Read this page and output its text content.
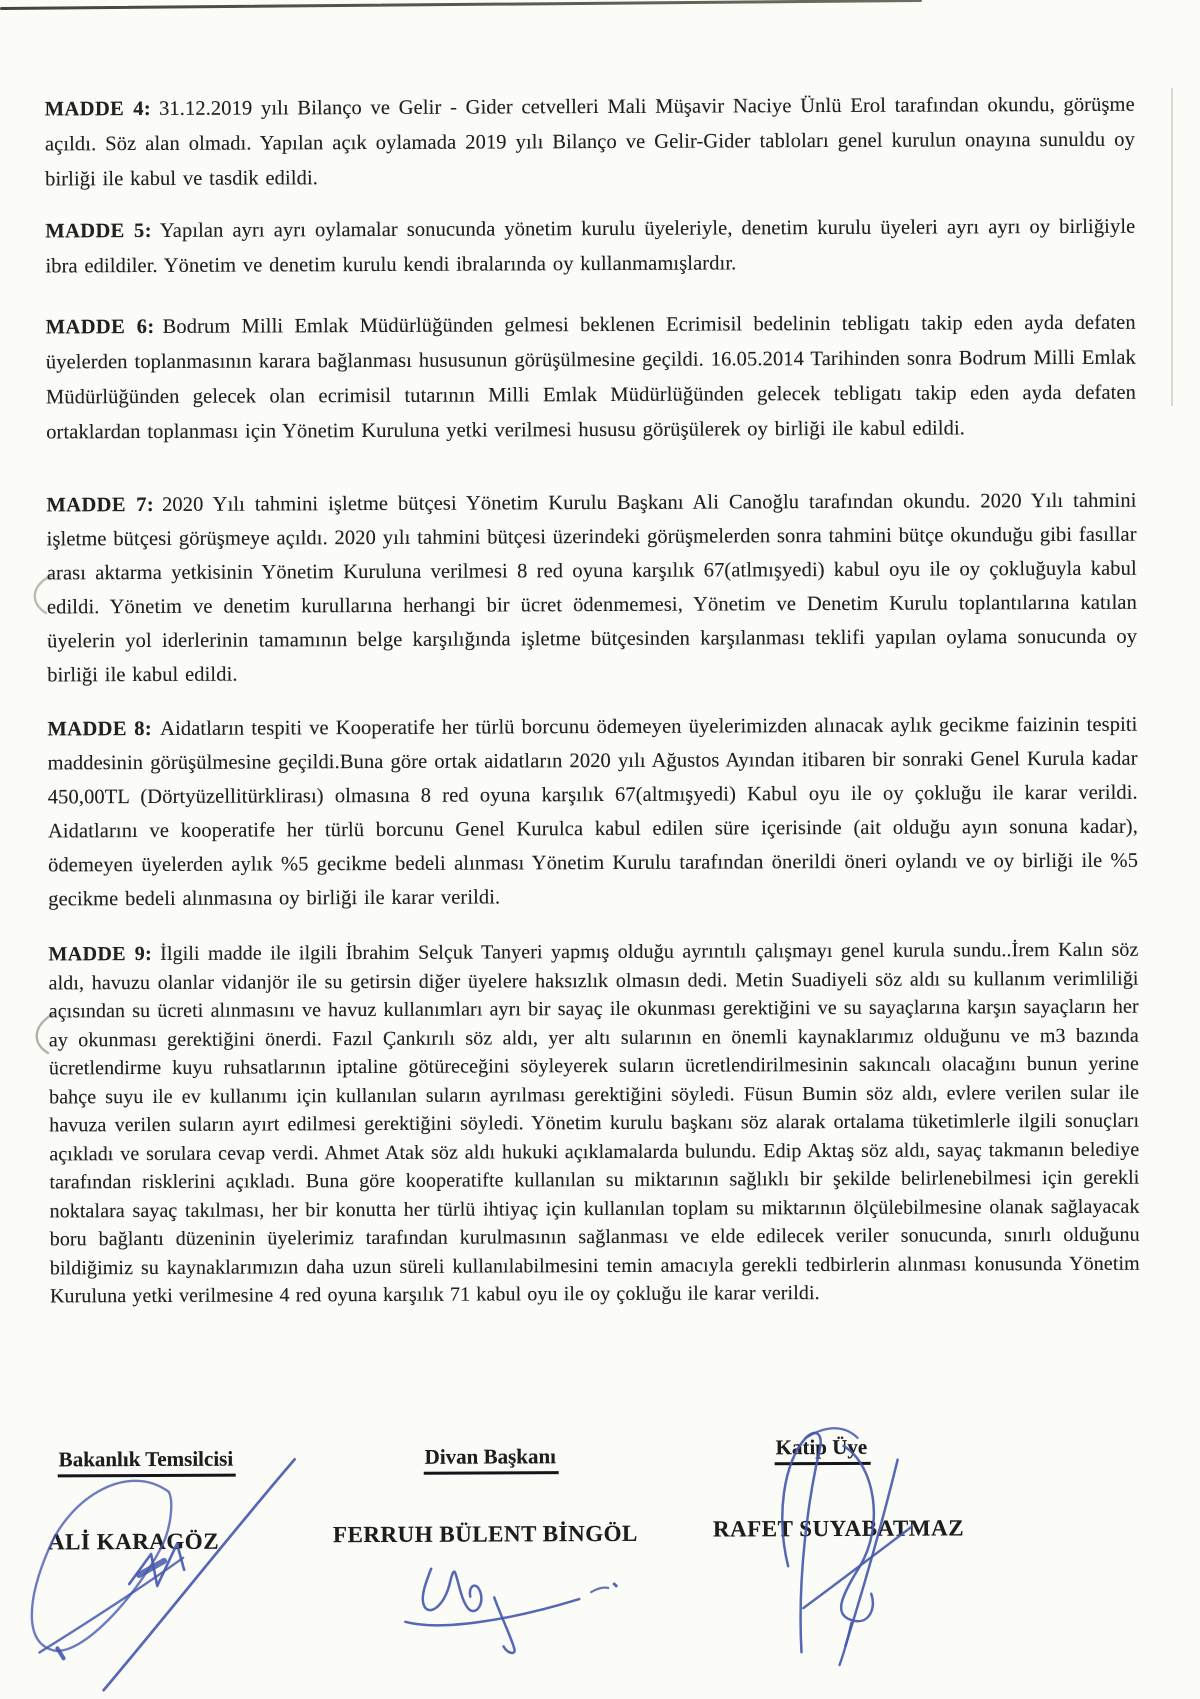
MADDE 4: 31.12.2019 yılı Bilanço ve Gelir - Gider cetvelleri Mali Müşavir Naciye Ünlü Erol tarafından okundu, görüşme açıldı. Söz alan olmadı. Yapılan açık oylamada 2019 yılı Bilanço ve Gelir-Gider tabloları genel kurulun onayına sunuldu oy birliği ile kabul ve tasdik edildi.

MADDE 5: Yapılan ayrı ayrı oylamalar sonucunda yönetim kurulu üyeleriyle, denetim kurulu üyeleri ayrı ayrı oy birliğiyle ibra edildiler. Yönetim ve denetim kurulu kendi ibralarında oy kullanmamışlardır.

MADDE 6: Bodrum Milli Emlak Müdürlüğünden gelmesi beklenen Ecrimisil bedelinin tebligatı takip eden ayda defaten üyelerden toplanmasının karara bağlanması hususunun görüşülmesine geçildi. 16.05.2014 Tarihinden sonra Bodrum Milli Emlak Müdürlüğünden gelecek olan ecrimisil tutarının Milli Emlak Müdürlüğünden gelecek tebligatı takip eden ayda defaten ortaklardan toplanması için Yönetim Kuruluna yetki verilmesi hususu görüşülerek oy birliği ile kabul edildi.

MADDE 7: 2020 Yılı tahmini işletme bütçesi Yönetim Kurulu Başkanı Ali Canoğlu tarafından okundu. 2020 Yılı tahmini işletme bütçesi görüşmeye açıldı. 2020 yılı tahmini bütçesi üzerindeki görüşmelerden sonra tahmini bütçe okunduğu gibi fasıllar arası aktarma yetkisinin Yönetim Kuruluna verilmesi 8 red oyuna karşılık 67(atlmışyedi) kabul oyu ile oy çokluğuyla kabul edildi. Yönetim ve denetim kurullarına herhangi bir ücret ödenmemesi, Yönetim ve Denetim Kurulu toplantılarına katılan üyelerin yol iderlerinin tamamının belge karşılığında işletme bütçesinden karşılanması teklifi yapılan oylama sonucunda oy birliği ile kabul edildi.

MADDE 8: Aidatların tespiti ve Kooperatife her türlü borcunu ödemeyen üyelerimizden alınacak aylık gecikme faizinin tespiti maddesinin görüşülmesine geçildi.Buna göre ortak aidatların 2020 yılı Ağustos Ayından itibaren bir sonraki Genel Kurula kadar 450,00TL (Dörtyüzellitürklirası) olmasına 8 red oyuna karşılık 67(altmışyedi) Kabul oyu ile oy çokluğu ile karar verildi. Aidatlarını ve kooperatife her türlü borcunu Genel Kurulca kabul edilen süre içerisinde (ait olduğu ayın sonuna kadar), ödemeyen üyelerden aylık %5 gecikme bedeli alınması Yönetim Kurulu tarafından önerildi öneri oylandı ve oy birliği ile %5 gecikme bedeli alınmasına oy birliği ile karar verildi.

MADDE 9: İlgili madde ile ilgili İbrahim Selçuk Tanyeri yapmış olduğu ayrıntılı çalışmayı genel kurula sundu..İrem Kalın söz aldı, havuzu olanlar vidanjör ile su getirsin diğer üyelere haksızlık olmasın dedi. Metin Suadiyeli söz aldı su kullanım verimliliği açısından su ücreti alınmasını ve havuz kullanımları ayrı bir sayaç ile okunması gerektiğini ve su sayaçlarına karşın sayaçların her ay okunması gerektiğini önerdi. Fazıl Çankırılı söz aldı, yer altı sularının en önemli kaynaklarımız olduğunu ve m3 bazında ücretlendirme kuyu ruhsatlarının iptaline götüreceğini söyleyerek suların ücretlendirilmesinin sakıncalı olacağını bunun yerine bahçe suyu ile ev kullanımı için kullanılan suların ayrılması gerektiğini söyledi. Füsun Bumin söz aldı, evlere verilen sular ile havuza verilen suların ayırt edilmesi gerektiğini söyledi. Yönetim kurulu başkanı söz alarak ortalama tüketimlerle ilgili sonuçları açıkladı ve sorulara cevap verdi. Ahmet Atak söz aldı hukuki açıklamalarda bulundu. Edip Aktaş söz aldı, sayaç takmanın belediye tarafından risklerini açıkladı. Buna göre kooperatifte kullanılan su miktarının sağlıklı bir şekilde belirlenebilmesi için gerekli noktalara sayaç takılması, her bir konutta her türlü ihtiyaç için kullanılan toplam su miktarının ölçülebilmesine olanak sağlayacak boru bağlantı düzeninin üyelerimiz tarafından kurulmasının sağlanması ve elde edilecek veriler sonucunda, sınırlı olduğunu bildiğimiz su kaynaklarımızın daha uzun süreli kullanılabilmesini temin amacıyla gerekli tedbirlerin alınması konusunda Yönetim Kuruluna yetki verilmesine 4 red oyuna karşılık 71 kabul oyu ile oy çokluğu ile karar verildi.

Bakanlık Temsilcisi	Divan Başkanı	Katip Üye
ALİ KARAGÖZ	FERRUH BÜLENT BİNGÖL	RAFET SUYABATMAZ
